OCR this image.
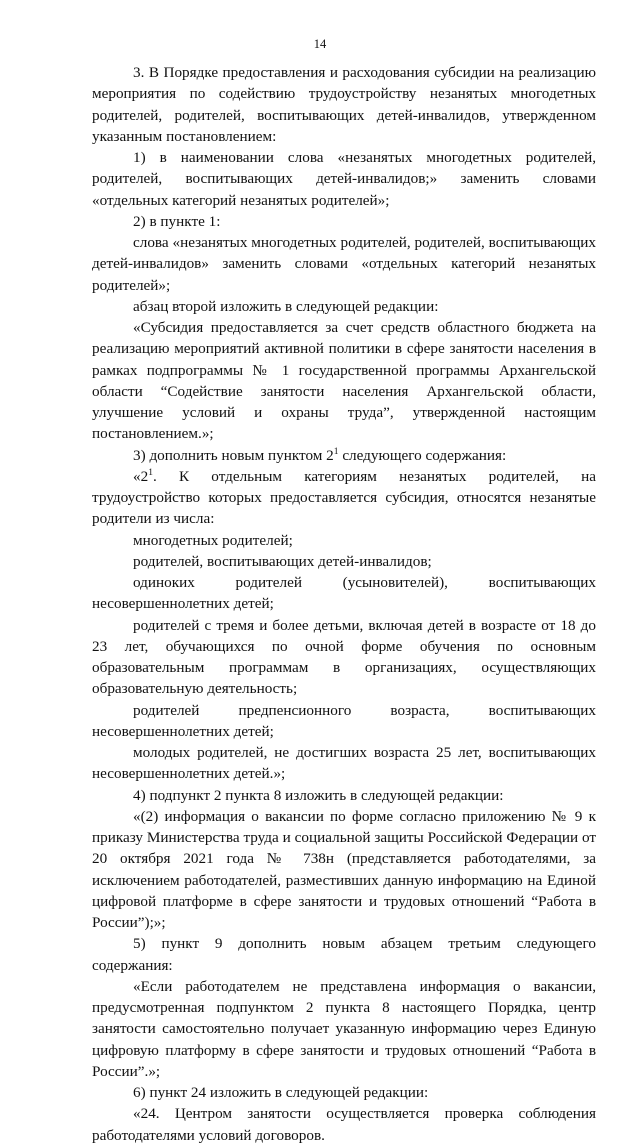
14

3. В Порядке предоставления и расходования субсидии на реализацию мероприятия по содействию трудоустройству незанятых многодетных родителей, родителей, воспитывающих детей-инвалидов, утвержденном указанным постановлением:

1) в наименовании слова «незанятых многодетных родителей, родителей, воспитывающих детей-инвалидов;» заменить словами «отдельных категорий незанятых родителей»;

2) в пункте 1:

слова «незанятых многодетных родителей, родителей, воспитывающих детей-инвалидов» заменить словами «отдельных категорий незанятых родителей»;

абзац второй изложить в следующей редакции:

«Субсидия предоставляется за счет средств областного бюджета на реализацию мероприятий активной политики в сфере занятости населения в рамках подпрограммы № 1 государственной программы Архангельской области “Содействие занятости населения Архангельской области, улучшение условий и охраны труда”, утвержденной настоящим постановлением.»;

3) дополнить новым пунктом $2^1$ следующего содержания:

«$2^1$. К отдельным категориям незанятых родителей, на трудоустройство которых предоставляется субсидия, относятся незанятые родители из числа:

многодетных родителей;

родителей, воспитывающих детей-инвалидов;

одиноких родителей (усыновителей), воспитывающих несовершеннолетних детей;

родителей с тремя и более детьми, включая детей в возрасте от 18 до 23 лет, обучающихся по очной форме обучения по основным образовательным программам в организациях, осуществляющих образовательную деятельность;

родителей предпенсионного возраста, воспитывающих несовершеннолетних детей;

молодых родителей, не достигших возраста 25 лет, воспитывающих несовершеннолетних детей.»;

4) подпункт 2 пункта 8 изложить в следующей редакции:

«(2) информация о вакансии по форме согласно приложению № 9 к приказу Министерства труда и социальной защиты Российской Федерации от 20 октября 2021 года № 738н (представляется работодателями, за исключением работодателей, разместивших данную информацию на Единой цифровой платформе в сфере занятости и трудовых отношений “Работа в России”);»;

5) пункт 9 дополнить новым абзацем третьим следующего содержания:

«Если работодателем не представлена информация о вакансии, предусмотренная подпунктом 2 пункта 8 настоящего Порядка, центр занятости самостоятельно получает указанную информацию через Единую цифровую платформу в сфере занятости и трудовых отношений “Работа в России”.»;

6) пункт 24 изложить в следующей редакции:

«24. Центром занятости осуществляется проверка соблюдения работодателями условий договоров.
